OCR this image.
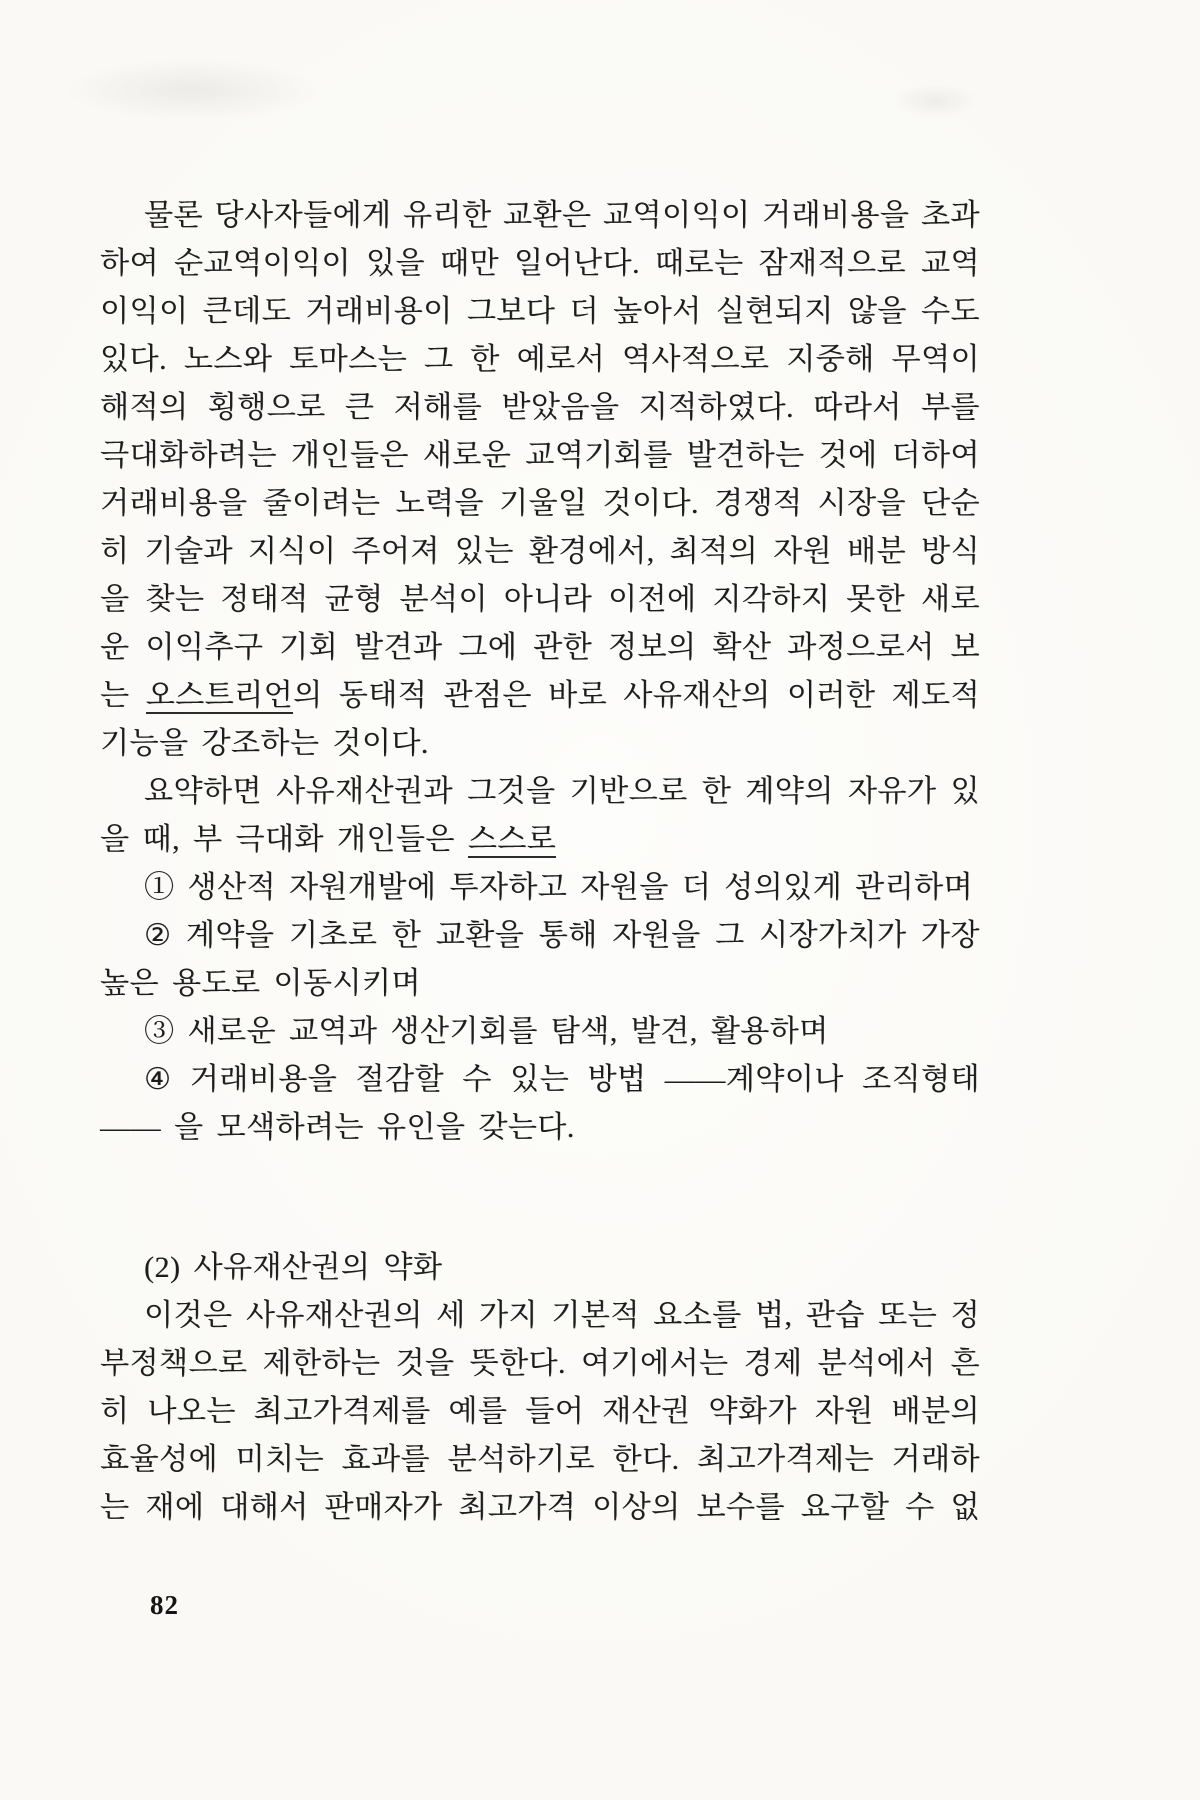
물론 당사자들에게 유리한 교환은 교역이익이 거래비용을 초과
하여 순교역이익이 있을 때만 일어난다. 때로는 잠재적으로 교역
이익이 큰데도 거래비용이 그보다 더 높아서 실현되지 않을 수도
있다. 노스와 토마스는 그 한 예로서 역사적으로 지중해 무역이
해적의 횡행으로 큰 저해를 받았음을 지적하였다. 따라서 부를
극대화하려는 개인들은 새로운 교역기회를 발견하는 것에 더하여
거래비용을 줄이려는 노력을 기울일 것이다. 경쟁적 시장을 단순
히 기술과 지식이 주어져 있는 환경에서, 최적의 자원 배분 방식
을 찾는 정태적 균형 분석이 아니라 이전에 지각하지 못한 새로
운 이익추구 기회 발견과 그에 관한 정보의 확산 과정으로서 보
는 오스트리언의 동태적 관점은 바로 사유재산의 이러한 제도적
기능을 강조하는 것이다.
요약하면 사유재산권과 그것을 기반으로 한 계약의 자유가 있
을 때, 부 극대화 개인들은 스스로
① 생산적 자원개발에 투자하고 자원을 더 성의있게 관리하며
② 계약을 기초로 한 교환을 통해 자원을 그 시장가치가 가장
높은 용도로 이동시키며
③ 새로운 교역과 생산기회를 탐색, 발견, 활용하며
④ 거래비용을 절감할 수 있는 방법 ——계약이나 조직형태
—— 을 모색하려는 유인을 갖는다.
(2) 사유재산권의 약화
이것은 사유재산권의 세 가지 기본적 요소를 법, 관습 또는 정
부정책으로 제한하는 것을 뜻한다. 여기에서는 경제 분석에서 흔
히 나오는 최고가격제를 예를 들어 재산권 약화가 자원 배분의
효율성에 미치는 효과를 분석하기로 한다. 최고가격제는 거래하
는 재에 대해서 판매자가 최고가격 이상의 보수를 요구할 수 없
82
